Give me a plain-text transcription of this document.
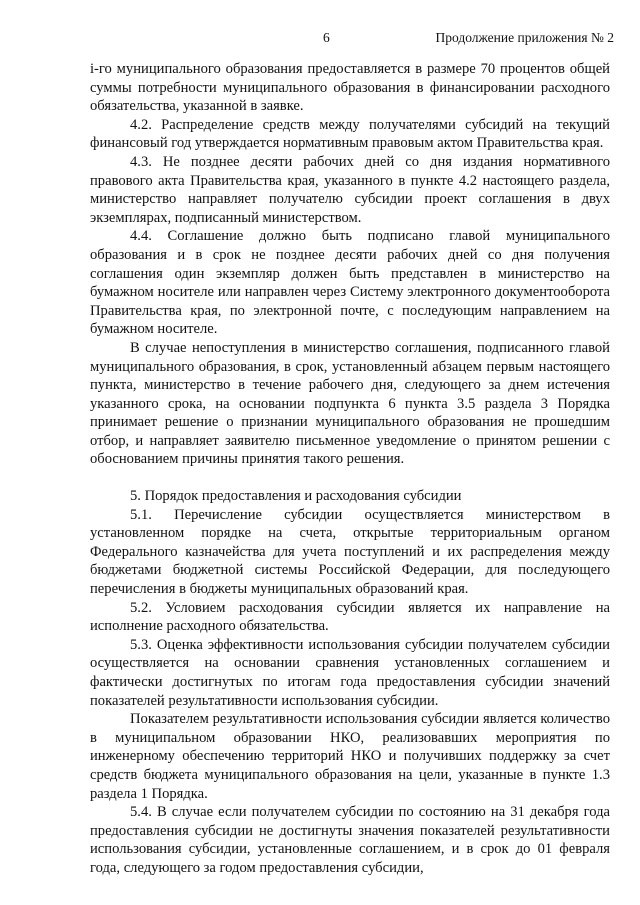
6	Продолжение приложения № 2

i-го муниципального образования предоставляется в размере 70 процентов общей суммы потребности муниципального образования в финансировании расходного обязательства, указанной в заявке.

4.2. Распределение средств между получателями субсидий на текущий финансовый год утверждается нормативным правовым актом Правительства края.

4.3. Не позднее десяти рабочих дней со дня издания нормативного правового акта Правительства края, указанного в пункте 4.2 настоящего раздела, министерство направляет получателю субсидии проект соглашения в двух экземплярах, подписанный министерством.

4.4. Соглашение должно быть подписано главой муниципального образования и в срок не позднее десяти рабочих дней со дня получения соглашения один экземпляр должен быть представлен в министерство на бумажном носителе или направлен через Систему электронного документооборота Правительства края, по электронной почте, с последующим направлением на бумажном носителе.

В случае непоступления в министерство соглашения, подписанного главой муниципального образования, в срок, установленный абзацем первым настоящего пункта, министерство в течение рабочего дня, следующего за днем истечения указанного срока, на основании подпункта 6 пункта 3.5 раздела 3 Порядка принимает решение о признании муниципального образования не прошедшим отбор, и направляет заявителю письменное уведомление о принятом решении с обоснованием причины принятия такого решения.

5. Порядок предоставления и расходования субсидии

5.1. Перечисление субсидии осуществляется министерством в установленном порядке на счета, открытые территориальным органом Федерального казначейства для учета поступлений и их распределения между бюджетами бюджетной системы Российской Федерации, для последующего перечисления в бюджеты муниципальных образований края.

5.2. Условием расходования субсидии является их направление на исполнение расходного обязательства.

5.3. Оценка эффективности использования субсидии получателем субсидии осуществляется на основании сравнения установленных соглашением и фактически достигнутых по итогам года предоставления субсидии значений показателей результативности использования субсидии.

Показателем результативности использования субсидии является количество в муниципальном образовании НКО, реализовавших мероприятия по инженерному обеспечению территорий НКО и получивших поддержку за счет средств бюджета муниципального образования на цели, указанные в пункте 1.3 раздела 1 Порядка.

5.4. В случае если получателем субсидии по состоянию на 31 декабря года предоставления субсидии не достигнуты значения показателей результативности использования субсидии, установленные соглашением, и в срок до 01 февраля года, следующего за годом предоставления субсидии,
